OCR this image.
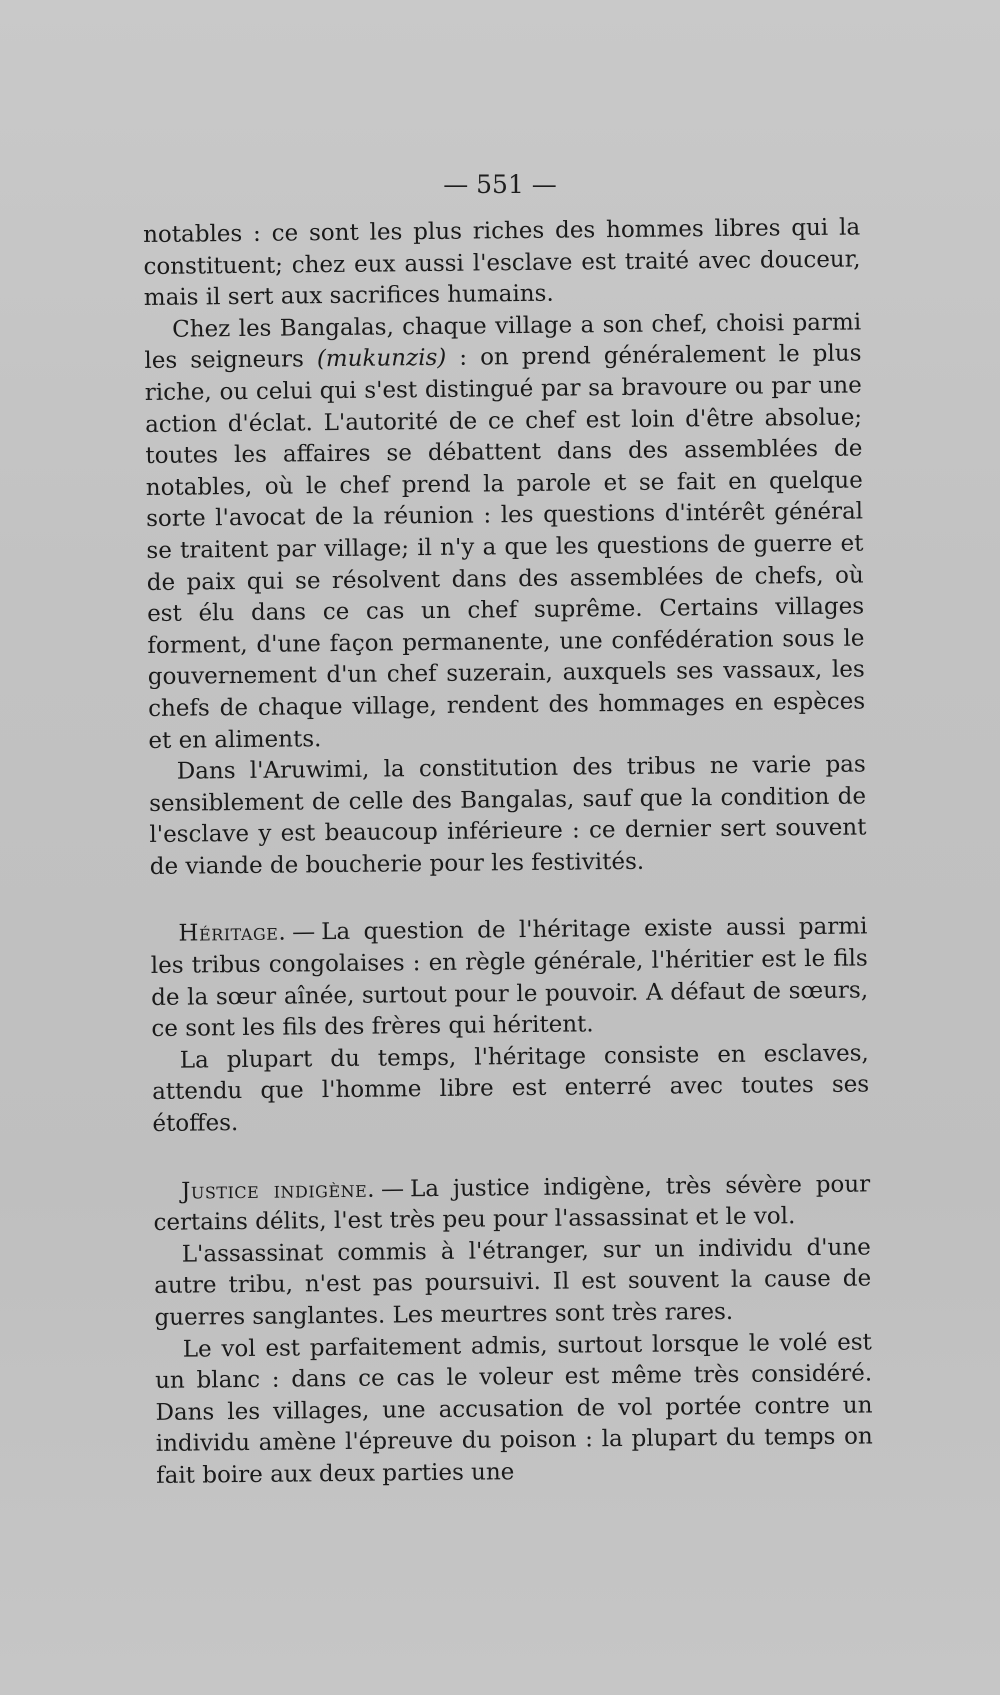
— 551 —

notables : ce sont les plus riches des hommes libres qui la constituent; chez eux aussi l'esclave est traité avec douceur, mais il sert aux sacrifices humains.

Chez les Bangalas, chaque village a son chef, choisi parmi les seigneurs (mukunzis) : on prend généralement le plus riche, ou celui qui s'est distingué par sa bravoure ou par une action d'éclat. L'autorité de ce chef est loin d'être absolue; toutes les affaires se débattent dans des assemblées de notables, où le chef prend la parole et se fait en quelque sorte l'avocat de la réunion : les questions d'intérêt général se traitent par village; il n'y a que les questions de guerre et de paix qui se résolvent dans des assemblées de chefs, où est élu dans ce cas un chef suprême. Certains villages forment, d'une façon permanente, une confédération sous le gouvernement d'un chef suzerain, auxquels ses vassaux, les chefs de chaque village, rendent des hommages en espèces et en aliments.

Dans l'Aruwimi, la constitution des tribus ne varie pas sensiblement de celle des Bangalas, sauf que la condition de l'esclave y est beaucoup inférieure : ce dernier sert souvent de viande de boucherie pour les festivités.

Héritage. — La question de l'héritage existe aussi parmi les tribus congolaises : en règle générale, l'héritier est le fils de la sœur aînée, surtout pour le pouvoir. A défaut de sœurs, ce sont les fils des frères qui héritent.

La plupart du temps, l'héritage consiste en esclaves, attendu que l'homme libre est enterré avec toutes ses étoffes.

Justice indigène. — La justice indigène, très sévère pour certains délits, l'est très peu pour l'assassinat et le vol.

L'assassinat commis à l'étranger, sur un individu d'une autre tribu, n'est pas poursuivi. Il est souvent la cause de guerres sanglantes. Les meurtres sont très rares.

Le vol est parfaitement admis, surtout lorsque le volé est un blanc : dans ce cas le voleur est même très considéré. Dans les villages, une accusation de vol portée contre un individu amène l'épreuve du poison : la plupart du temps on fait boire aux deux parties une
